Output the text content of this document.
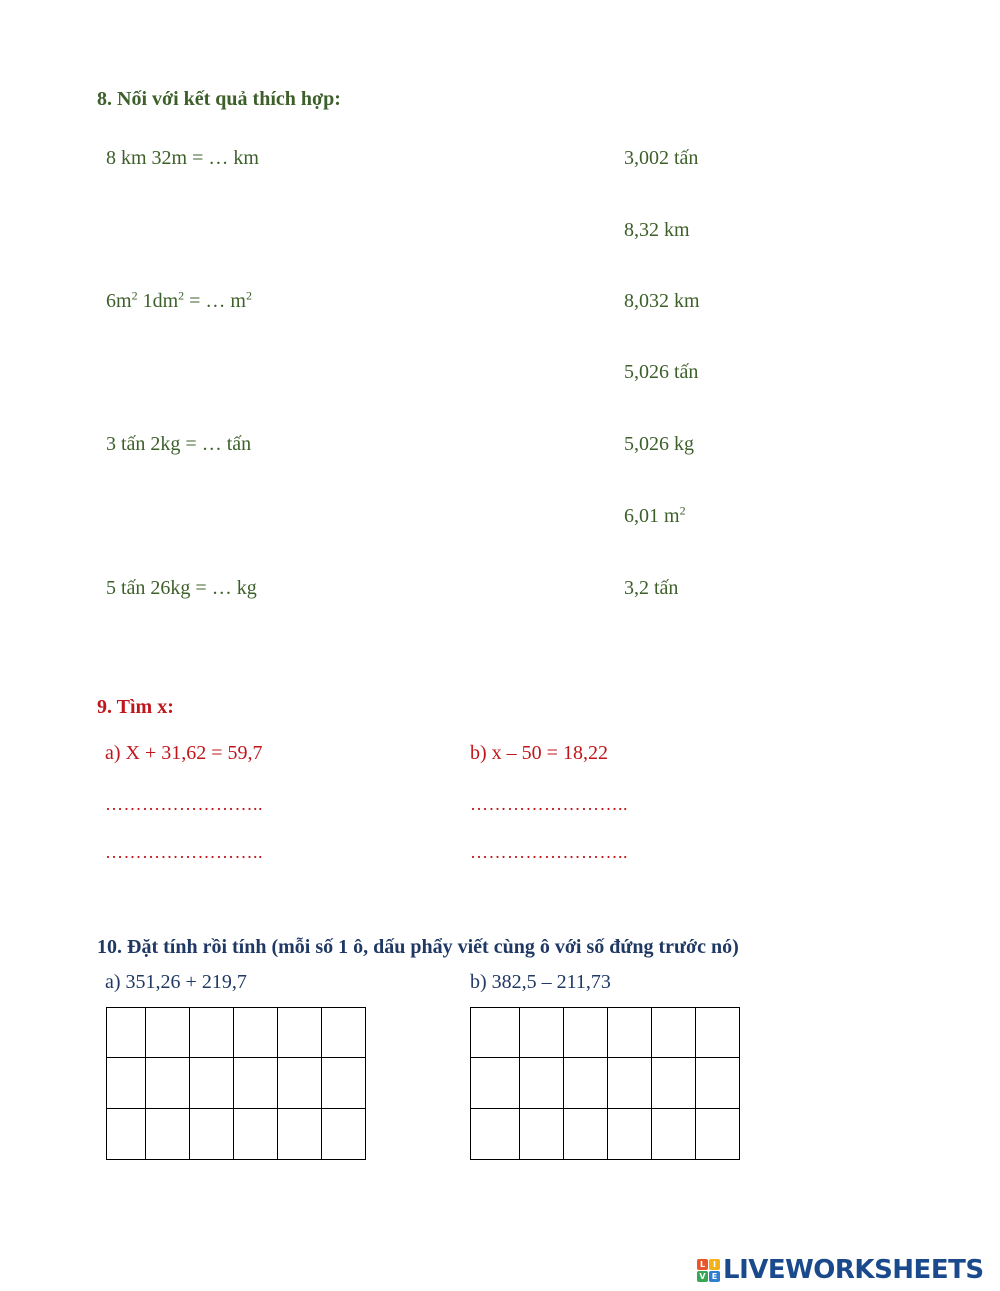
8. Nối với kết quả thích hợp:
8 km 32m = … km
$6m^2$ $1dm^2$ = … $m^2$
3 tấn 2kg = … tấn
5 tấn 26kg = … kg
3,002 tấn
8,32 km
8,032 km
5,026 tấn
5,026 kg
6,01 $m^2$
3,2 tấn
9. Tìm x:
a) X + 31,62 = 59,7	b) x – 50 = 18,22
……………………..	……………………..
……………………..	……………………..
10. Đặt tính rồi tính (mỗi số 1 ô, dấu phẩy viết cùng ô với số đứng trước nó)
a) 351,26 + 219,7	b) 382,5 – 211,73

L I
V E LIVEWORKSHEETS
